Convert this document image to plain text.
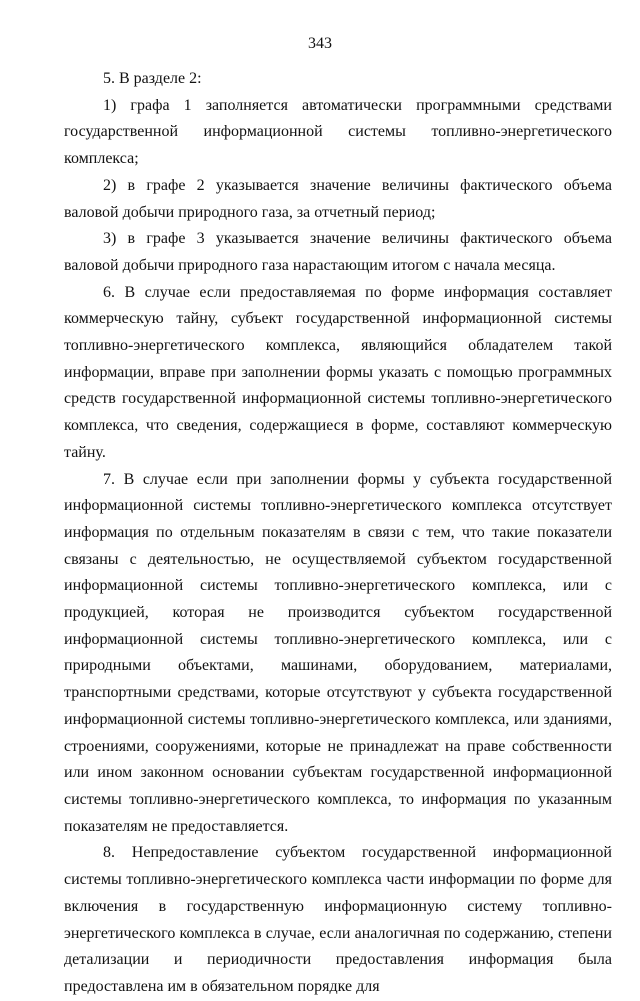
343

5. В разделе 2:

1) графа 1 заполняется автоматически программными средствами государственной информационной системы топливно-энергетического комплекса;

2) в графе 2 указывается значение величины фактического объема валовой добычи природного газа, за отчетный период;

3) в графе 3 указывается значение величины фактического объема валовой добычи природного газа нарастающим итогом с начала месяца.

6. В случае если предоставляемая по форме информация составляет коммерческую тайну, субъект государственной информационной системы топливно-энергетического комплекса, являющийся обладателем такой информации, вправе при заполнении формы указать с помощью программных средств государственной информационной системы топливно-энергетического комплекса, что сведения, содержащиеся в форме, составляют коммерческую тайну.

7. В случае если при заполнении формы у субъекта государственной информационной системы топливно-энергетического комплекса отсутствует информация по отдельным показателям в связи с тем, что такие показатели связаны с деятельностью, не осуществляемой субъектом государственной информационной системы топливно-энергетического комплекса, или с продукцией, которая не производится субъектом государственной информационной системы топливно-энергетического комплекса, или с природными объектами, машинами, оборудованием, материалами, транспортными средствами, которые отсутствуют у субъекта государственной информационной системы топливно-энергетического комплекса, или зданиями, строениями, сооружениями, которые не принадлежат на праве собственности или ином законном основании субъектам государственной информационной системы топливно-энергетического комплекса, то информация по указанным показателям не предоставляется.

8. Непредоставление субъектом государственной информационной системы топливно-энергетического комплекса части информации по форме для включения в государственную информационную систему топливно-энергетического комплекса в случае, если аналогичная по содержанию, степени детализации и периодичности предоставления информация была предоставлена им в обязательном порядке для
